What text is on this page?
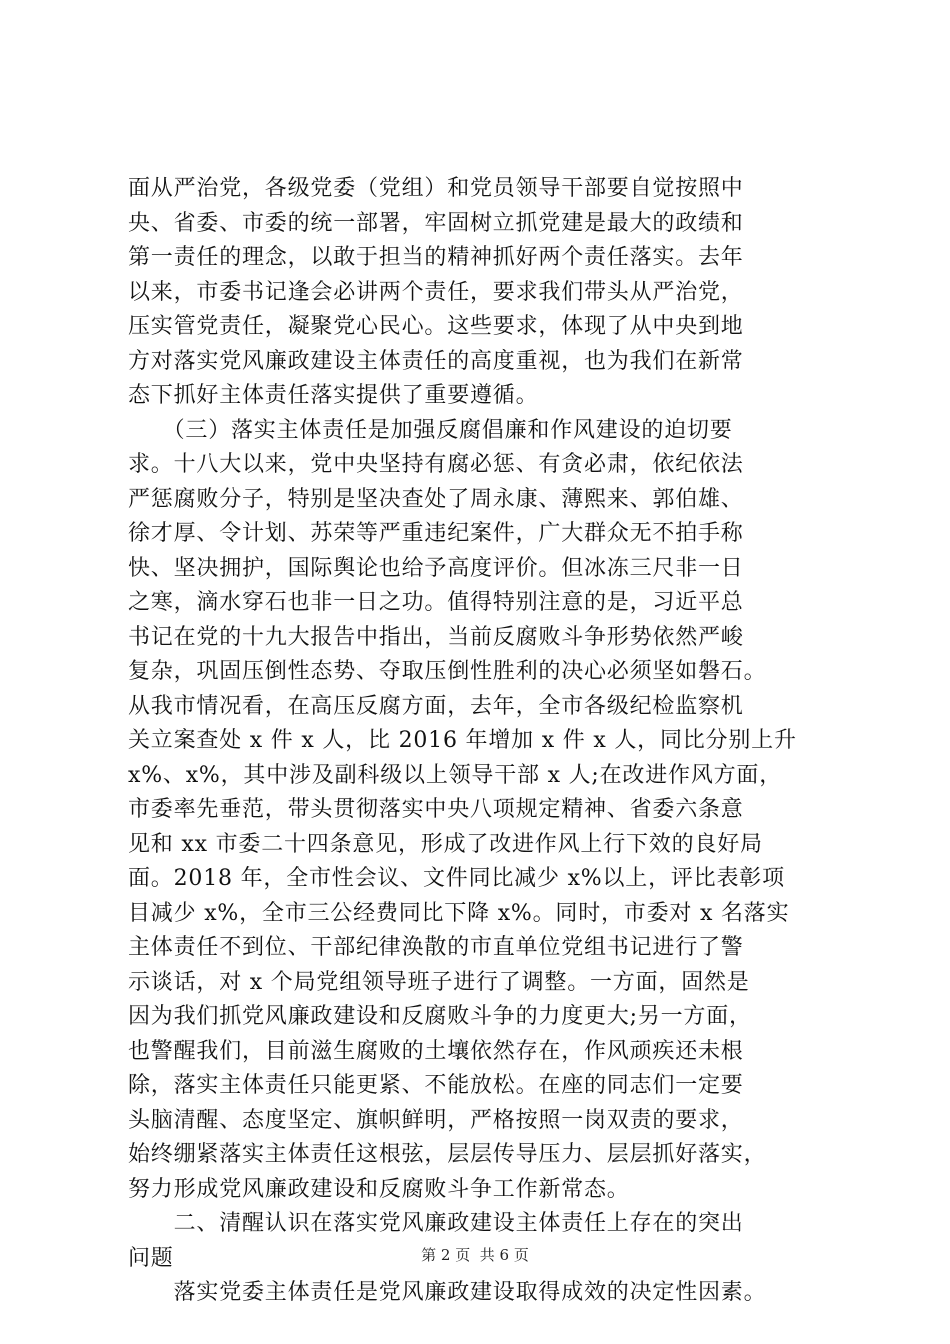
面从严治党，各级党委（党组）和党员领导干部要自觉按照中
央、省委、市委的统一部署，牢固树立抓党建是最大的政绩和
第一责任的理念，以敢于担当的精神抓好两个责任落实。去年
以来，市委书记逢会必讲两个责任，要求我们带头从严治党，
压实管党责任，凝聚党心民心。这些要求，体现了从中央到地
方对落实党风廉政建设主体责任的高度重视，也为我们在新常
态下抓好主体责任落实提供了重要遵循。
　　（三）落实主体责任是加强反腐倡廉和作风建设的迫切要
求。十八大以来，党中央坚持有腐必惩、有贪必肃，依纪依法
严惩腐败分子，特别是坚决查处了周永康、薄熙来、郭伯雄、
徐才厚、令计划、苏荣等严重违纪案件，广大群众无不拍手称
快、坚决拥护，国际舆论也给予高度评价。但冰冻三尺非一日
之寒，滴水穿石也非一日之功。值得特别注意的是，习近平总
书记在党的十九大报告中指出，当前反腐败斗争形势依然严峻
复杂，巩固压倒性态势、夺取压倒性胜利的决心必须坚如磐石。
从我市情况看，在高压反腐方面，去年，全市各级纪检监察机
关立案查处 x 件 x 人，比 2016 年增加 x 件 x 人，同比分别上升
x%、x%，其中涉及副科级以上领导干部 x 人;在改进作风方面，
市委率先垂范，带头贯彻落实中央八项规定精神、省委六条意
见和 xx 市委二十四条意见，形成了改进作风上行下效的良好局
面。2018 年，全市性会议、文件同比减少 x%以上，评比表彰项
目减少 x%，全市三公经费同比下降 x%。同时，市委对 x 名落实
主体责任不到位、干部纪律涣散的市直单位党组书记进行了警
示谈话，对 x 个局党组领导班子进行了调整。一方面，固然是
因为我们抓党风廉政建设和反腐败斗争的力度更大;另一方面，
也警醒我们，目前滋生腐败的土壤依然存在，作风顽疾还未根
除，落实主体责任只能更紧、不能放松。在座的同志们一定要
头脑清醒、态度坚定、旗帜鲜明，严格按照一岗双责的要求，
始终绷紧落实主体责任这根弦，层层传导压力、层层抓好落实，
努力形成党风廉政建设和反腐败斗争工作新常态。
　　二、清醒认识在落实党风廉政建设主体责任上存在的突出
问题
　　落实党委主体责任是党风廉政建设取得成效的决定性因素。
第 2 页  共 6 页
